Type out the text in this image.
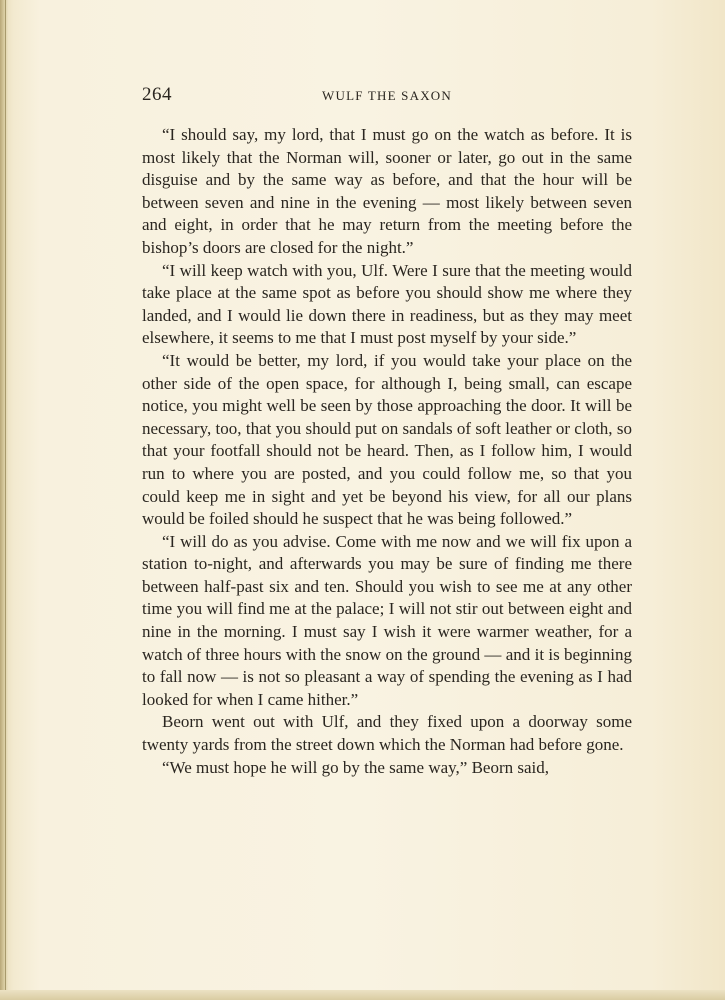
264	WULF THE SAXON

“I should say, my lord, that I must go on the watch as before. It is most likely that the Norman will, sooner or later, go out in the same disguise and by the same way as before, and that the hour will be between seven and nine in the evening — most likely between seven and eight, in order that he may return from the meeting before the bishop’s doors are closed for the night.”

“I will keep watch with you, Ulf. Were I sure that the meeting would take place at the same spot as before you should show me where they landed, and I would lie down there in readiness, but as they may meet elsewhere, it seems to me that I must post myself by your side.”

“It would be better, my lord, if you would take your place on the other side of the open space, for although I, being small, can escape notice, you might well be seen by those approaching the door. It will be necessary, too, that you should put on sandals of soft leather or cloth, so that your footfall should not be heard. Then, as I follow him, I would run to where you are posted, and you could follow me, so that you could keep me in sight and yet be beyond his view, for all our plans would be foiled should he suspect that he was being followed.”

“I will do as you advise. Come with me now and we will fix upon a station to-night, and afterwards you may be sure of finding me there between half-past six and ten. Should you wish to see me at any other time you will find me at the palace; I will not stir out between eight and nine in the morning. I must say I wish it were warmer weather, for a watch of three hours with the snow on the ground — and it is beginning to fall now — is not so pleasant a way of spending the evening as I had looked for when I came hither.”

Beorn went out with Ulf, and they fixed upon a doorway some twenty yards from the street down which the Norman had before gone.

“We must hope he will go by the same way,” Beorn said,
